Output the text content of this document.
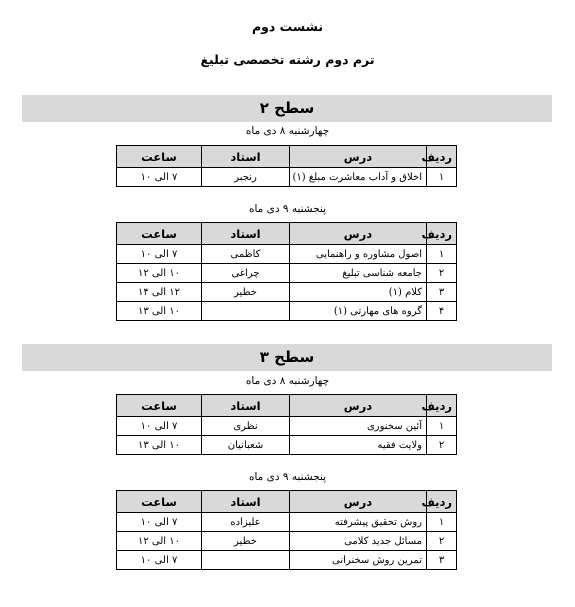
نشست دوم
ترم دوم رشته تخصصی تبلیغ
سطح ۲
چهارشنبه ۸ دی ماه
ردیف	درس	استاد	ساعت
۱	اخلاق و آداب معاشرت مبلغ (۱)	رنجبر	۷ الی ۱۰
پنجشنبه ۹ دی ماه
ردیف	درس	استاد	ساعت
۱	اصول مشاوره و راهنمایی	کاظمی	۷ الی ۱۰
۲	جامعه شناسی تبلیغ	چراغی	۱۰ الی ۱۲
۳	کلام (۱)	خطیر	۱۲ الی ۱۴
۴	گروه های مهارتی (۱)		۱۰ الی ۱۳
سطح ۳
چهارشنبه ۸ دی ماه
ردیف	درس	استاد	ساعت
۱	آئین سخنوری	نظری	۷ الی ۱۰
۲	ولایت فقیه	شعبانیان	۱۰ الی ۱۳
پنجشنبه ۹ دی ماه
ردیف	درس	استاد	ساعت
۱	روش تحقیق پیشرفته	علیزاده	۷ الی ۱۰
۲	مسائل جدید کلامی	خطیر	۱۰ الی ۱۲
۳	تمرین روش سخنرانی		۷ الی ۱۰
